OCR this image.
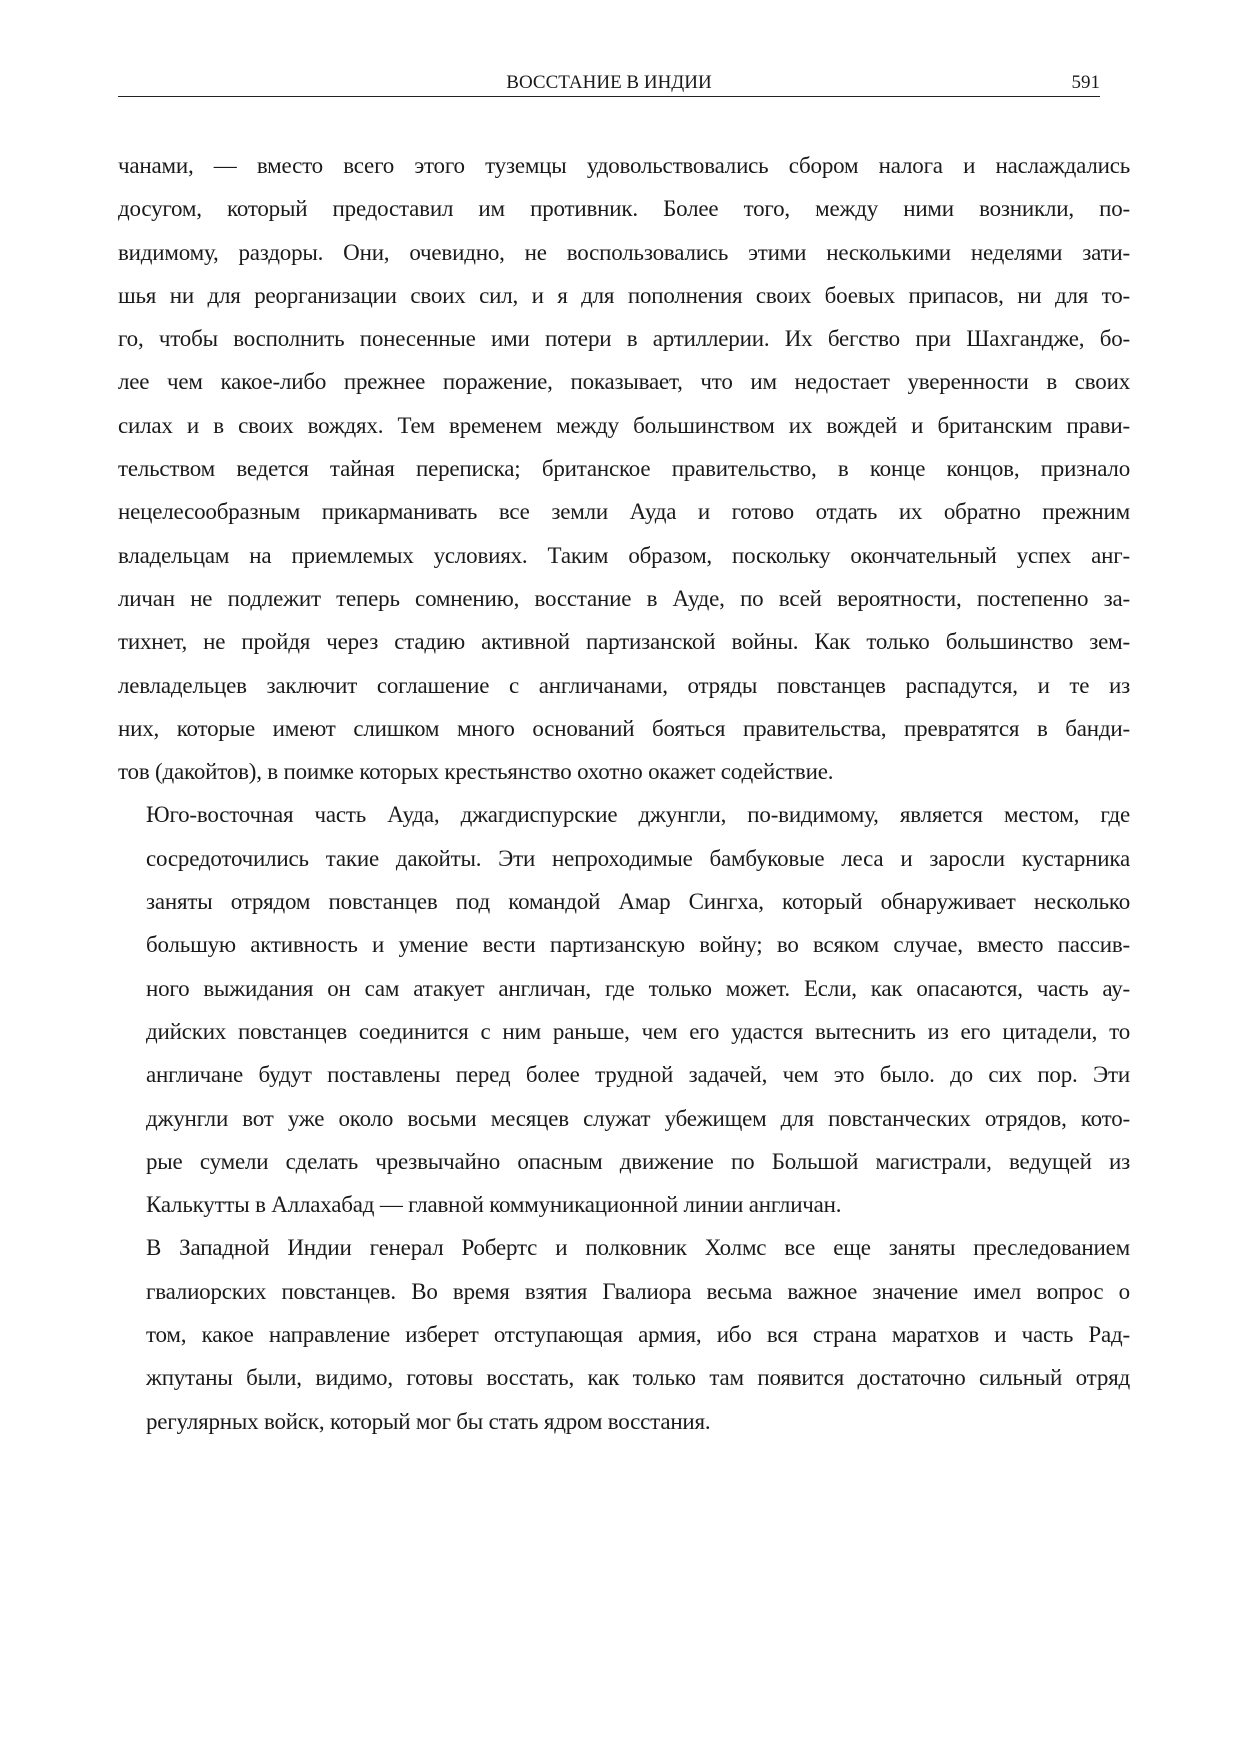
ВОССТАНИЕ В ИНДИИ	591

чанами, — вместо всего этого туземцы удовольствовались сбором налога и наслаждались
досугом, который предоставил им противник. Более того, между ними возникли, по-
видимому, раздоры. Они, очевидно, не воспользовались этими несколькими неделями зати-
шья ни для реорганизации своих сил, и я для пополнения своих боевых припасов, ни для то-
го, чтобы восполнить понесенные ими потери в артиллерии. Их бегство при Шахгандже, бо-
лее чем какое-либо прежнее поражение, показывает, что им недостает уверенности в своих
силах и в своих вождях. Тем временем между большинством их вождей и британским прави-
тельством ведется тайная переписка; британское правительство, в конце концов, признало
нецелесообразным прикарманивать все земли Ауда и готово отдать их обратно прежним
владельцам на приемлемых условиях. Таким образом, поскольку окончательный успех анг-
личан не подлежит теперь сомнению, восстание в Ауде, по всей вероятности, постепенно за-
тихнет, не пройдя через стадию активной партизанской войны. Как только большинство зем-
левладельцев заключит соглашение с англичанами, отряды повстанцев распадутся, и те из
них, которые имеют слишком много оснований бояться правительства, превратятся в банди-
тов (дакойтов), в поимке которых крестьянство охотно окажет содействие.

Юго-восточная часть Ауда, джагдиспурские джунгли, по-видимому, является местом, где
сосредоточились такие дакойты. Эти непроходимые бамбуковые леса и заросли кустарника
заняты отрядом повстанцев под командой Амар Сингха, который обнаруживает несколько
большую активность и умение вести партизанскую войну; во всяком случае, вместо пассив-
ного выжидания он сам атакует англичан, где только может. Если, как опасаются, часть ау-
дийских повстанцев соединится с ним раньше, чем его удастся вытеснить из его цитадели, то
англичане будут поставлены перед более трудной задачей, чем это было. до сих пор. Эти
джунгли вот уже около восьми месяцев служат убежищем для повстанческих отрядов, кото-
рые сумели сделать чрезвычайно опасным движение по Большой магистрали, ведущей из
Калькутты в Аллахабад — главной коммуникационной линии англичан.

В Западной Индии генерал Робертс и полковник Холмс все еще заняты преследованием
гвалиорских повстанцев. Во время взятия Гвалиора весьма важное значение имел вопрос о
том, какое направление изберет отступающая армия, ибо вся страна маратхов и часть Рад-
жпутаны были, видимо, готовы восстать, как только там появится достаточно сильный отряд
регулярных войск, который мог бы стать ядром восстания.
